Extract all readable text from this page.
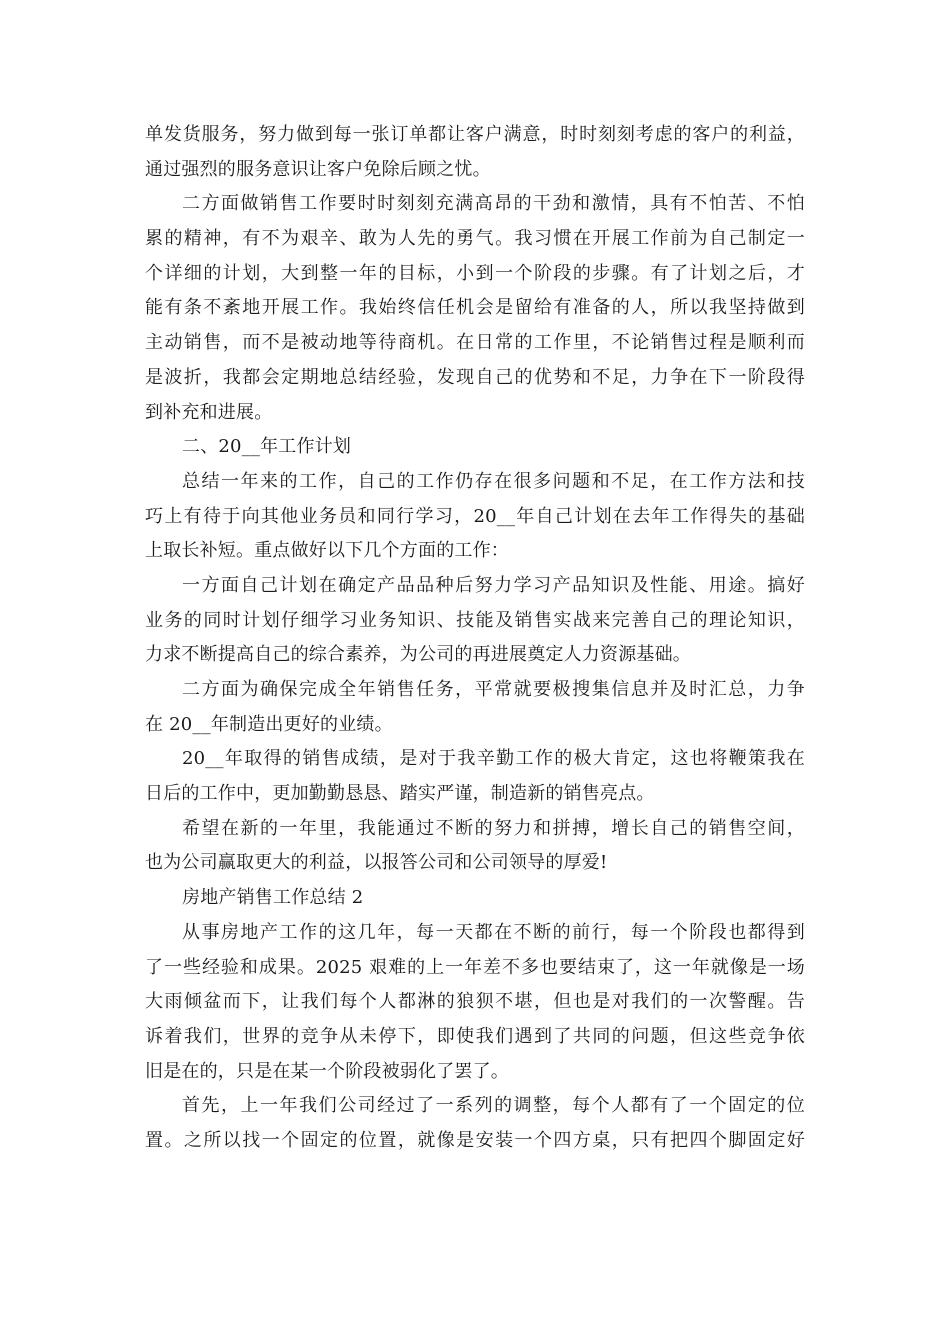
单发货服务，努力做到每一张订单都让客户满意，时时刻刻考虑的客户的利益，
通过强烈的服务意识让客户免除后顾之忧。
二方面做销售工作要时时刻刻充满高昂的干劲和激情，具有不怕苦、不怕
累的精神，有不为艰辛、敢为人先的勇气。我习惯在开展工作前为自己制定一
个详细的计划，大到整一年的目标，小到一个阶段的步骤。有了计划之后，才
能有条不紊地开展工作。我始终信任机会是留给有准备的人，所以我坚持做到
主动销售，而不是被动地等待商机。在日常的工作里，不论销售过程是顺利而
是波折，我都会定期地总结经验，发现自己的优势和不足，力争在下一阶段得
到补充和进展。
二、20__年工作计划
总结一年来的工作，自己的工作仍存在很多问题和不足，在工作方法和技
巧上有待于向其他业务员和同行学习，20__年自己计划在去年工作得失的基础
上取长补短。重点做好以下几个方面的工作：
一方面自己计划在确定产品品种后努力学习产品知识及性能、用途。搞好
业务的同时计划仔细学习业务知识、技能及销售实战来完善自己的理论知识，
力求不断提高自己的综合素养，为公司的再进展奠定人力资源基础。
二方面为确保完成全年销售任务，平常就要极搜集信息并及时汇总，力争
在 20__年制造出更好的业绩。
20__年取得的销售成绩，是对于我辛勤工作的极大肯定，这也将鞭策我在
日后的工作中，更加勤勤恳恳、踏实严谨，制造新的销售亮点。
希望在新的一年里，我能通过不断的努力和拼搏，增长自己的销售空间，
也为公司赢取更大的利益，以报答公司和公司领导的厚爱!
房地产销售工作总结 2
从事房地产工作的这几年，每一天都在不断的前行，每一个阶段也都得到
了一些经验和成果。2025 艰难的上一年差不多也要结束了，这一年就像是一场
大雨倾盆而下，让我们每个人都淋的狼狈不堪，但也是对我们的一次警醒。告
诉着我们，世界的竞争从未停下，即使我们遇到了共同的问题，但这些竞争依
旧是在的，只是在某一个阶段被弱化了罢了。
首先，上一年我们公司经过了一系列的调整，每个人都有了一个固定的位
置。之所以找一个固定的位置，就像是安装一个四方桌，只有把四个脚固定好
